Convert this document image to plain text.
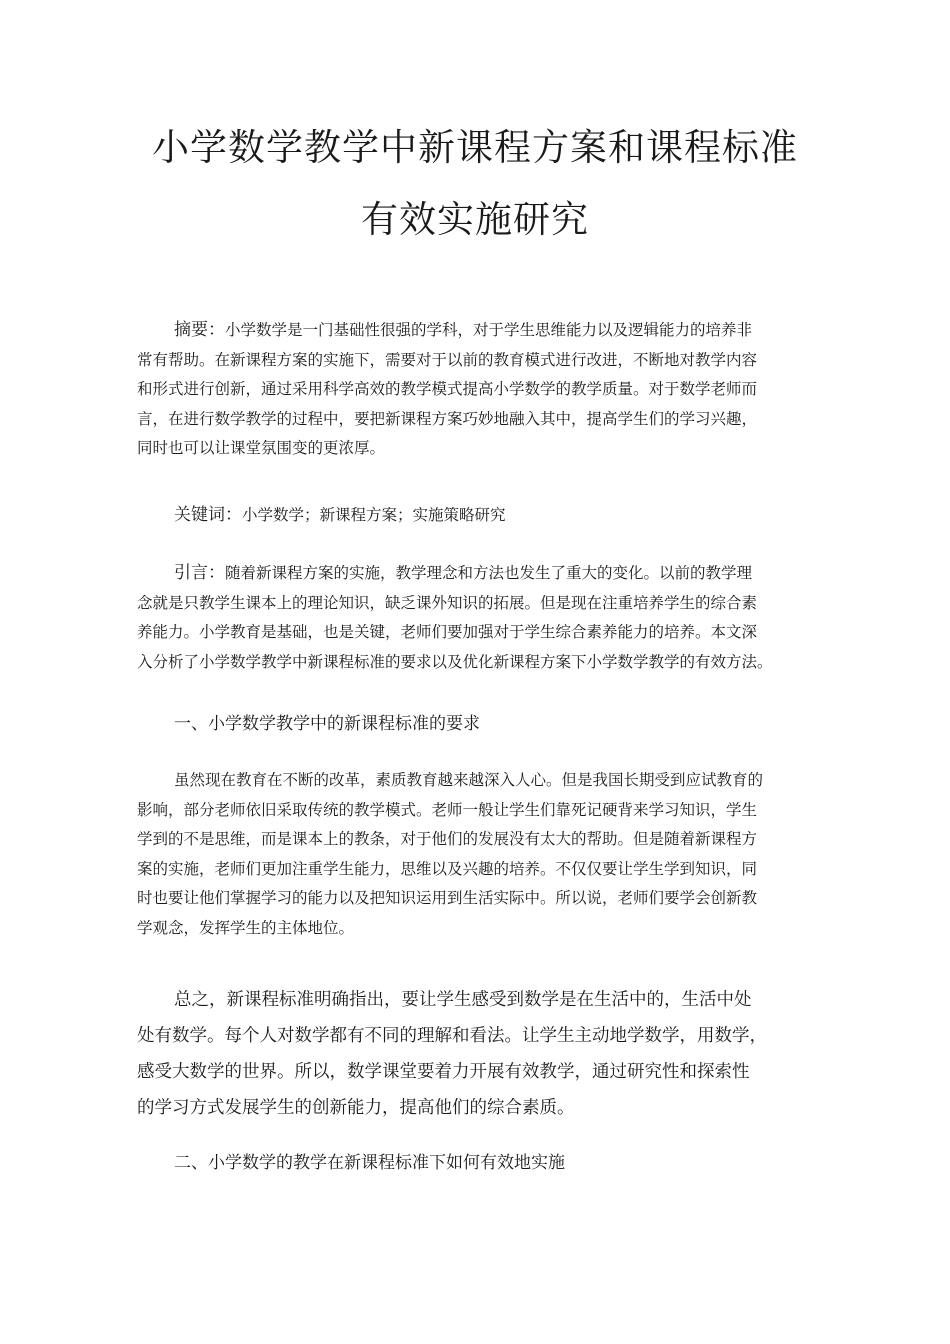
小学数学教学中新课程方案和课程标准
有效实施研究

摘要：小学数学是一门基础性很强的学科，对于学生思维能力以及逻辑能力的培养非
常有帮助。在新课程方案的实施下，需要对于以前的教育模式进行改进，不断地对教学内容
和形式进行创新，通过采用科学高效的教学模式提高小学数学的教学质量。对于数学老师而
言，在进行数学教学的过程中，要把新课程方案巧妙地融入其中，提高学生们的学习兴趣，
同时也可以让课堂氛围变的更浓厚。

关键词：小学数学；新课程方案；实施策略研究

引言：随着新课程方案的实施，教学理念和方法也发生了重大的变化。以前的教学理
念就是只教学生课本上的理论知识，缺乏课外知识的拓展。但是现在注重培养学生的综合素
养能力。小学教育是基础，也是关键，老师们要加强对于学生综合素养能力的培养。本文深
入分析了小学数学教学中新课程标准的要求以及优化新课程方案下小学数学教学的有效方法。

一、小学数学教学中的新课程标准的要求

虽然现在教育在不断的改革，素质教育越来越深入人心。但是我国长期受到应试教育的
影响，部分老师依旧采取传统的教学模式。老师一般让学生们靠死记硬背来学习知识，学生
学到的不是思维，而是课本上的教条，对于他们的发展没有太大的帮助。但是随着新课程方
案的实施，老师们更加注重学生能力，思维以及兴趣的培养。不仅仅要让学生学到知识，同
时也要让他们掌握学习的能力以及把知识运用到生活实际中。所以说，老师们要学会创新教
学观念，发挥学生的主体地位。

总之，新课程标准明确指出，要让学生感受到数学是在生活中的，生活中处
处有数学。每个人对数学都有不同的理解和看法。让学生主动地学数学，用数学，
感受大数学的世界。所以，数学课堂要着力开展有效教学，通过研究性和探索性
的学习方式发展学生的创新能力，提高他们的综合素质。

二、小学数学的教学在新课程标准下如何有效地实施
